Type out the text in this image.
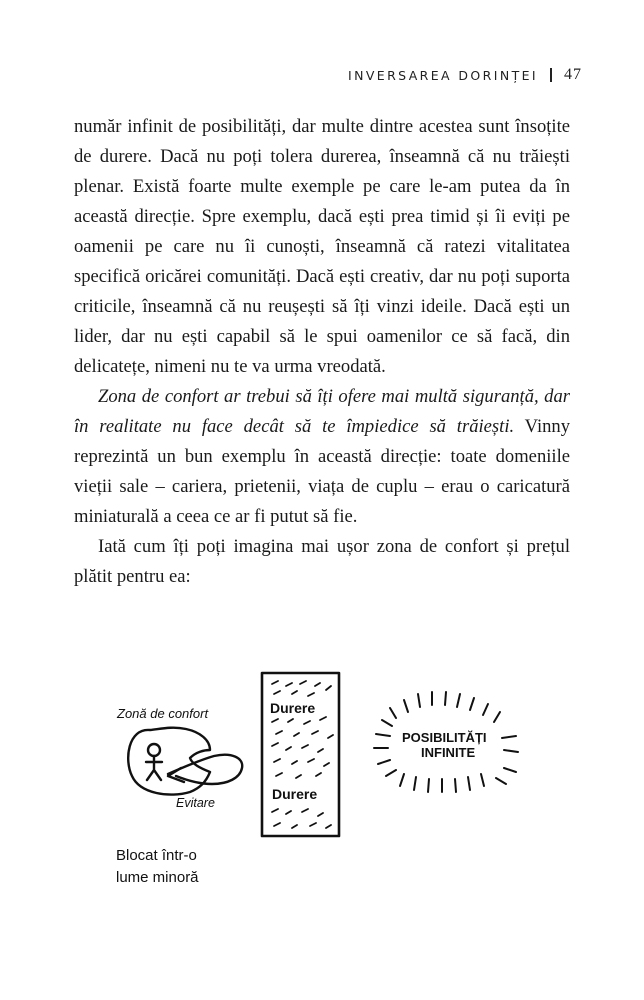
INVERSAREA DORINȚEI 47

număr infinit de posibilități, dar multe dintre acestea sunt însoțite de durere. Dacă nu poți tolera durerea, înseamnă că nu trăiești plenar. Există foarte multe exemple pe care le-am putea da în această direcție. Spre exemplu, dacă ești prea timid și îi eviți pe oamenii pe care nu îi cunoști, înseamnă că ratezi vitalitatea specifică oricărei comunități. Dacă ești creativ, dar nu poți suporta criticile, înseamnă că nu reușești să îți vinzi ideile. Dacă ești un lider, dar nu ești capabil să le spui oamenilor ce să facă, din delicatețe, nimeni nu te va urma vreodată.

Zona de confort ar trebui să îți ofere mai multă siguranță, dar în realitate nu face decât să te împiedice să trăiești. Vinny reprezintă un bun exemplu în această direcție: toate domeniile vieții sale – cariera, prietenii, viața de cuplu – erau o caricatură miniaturală a ceea ce ar fi putut să fie.

Iată cum îți poți imagina mai ușor zona de confort și prețul plătit pentru ea:

Zonă de confort
Evitare
Durere
Durere
POSIBILITĂȚI
INFINITE
Blocat într-o
lume minoră
